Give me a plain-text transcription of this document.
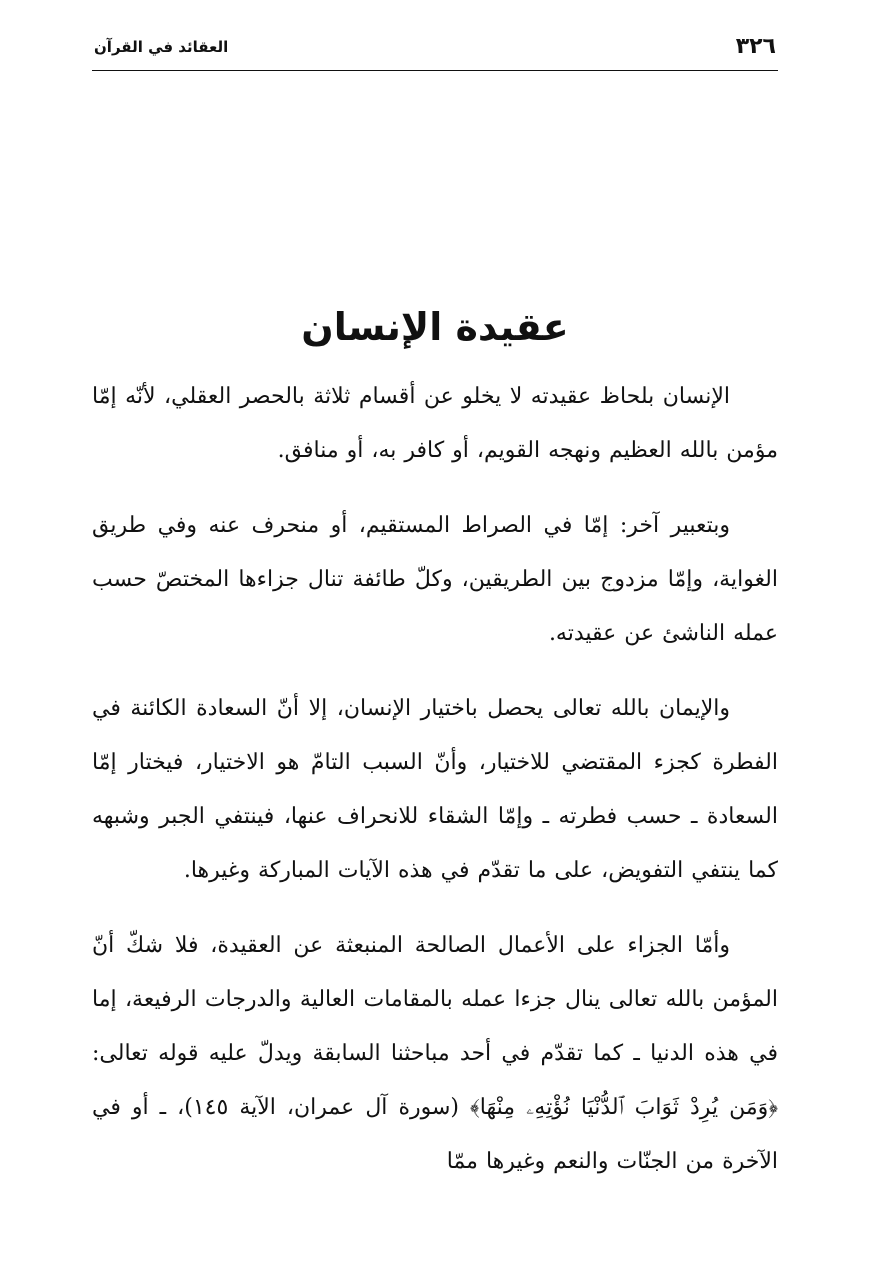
٣٢٦
العقائد في القرآن
عقيدة الإنسان

الإنسان بلحاظ عقيدته لا يخلو عن أقسام ثلاثة بالحصر العقلي، لأنّه إمّا مؤمن بالله العظيم ونهجه القويم، أو كافر به، أو منافق.

وبتعبير آخر: إمّا في الصراط المستقيم، أو منحرف عنه وفي طريق الغواية، وإمّا مزدوج بين الطريقين، وكلّ طائفة تنال جزاءها المختصّ حسب عمله الناشئ عن عقيدته.

والإيمان بالله تعالى يحصل باختيار الإنسان، إلا أنّ السعادة الكائنة في الفطرة كجزء المقتضي للاختيار، وأنّ السبب التامّ هو الاختيار، فيختار إمّا السعادة ـ حسب فطرته ـ وإمّا الشقاء للانحراف عنها، فينتفي الجبر وشبهه كما ينتفي التفويض، على ما تقدّم في هذه الآيات المباركة وغيرها.

وأمّا الجزاء على الأعمال الصالحة المنبعثة عن العقيدة، فلا شكّ أنّ المؤمن بالله تعالى ينال جزءا عمله بالمقامات العالية والدرجات الرفيعة، إما في هذه الدنيا ـ كما تقدّم في أحد مباحثنا السابقة ويدلّ عليه قوله تعالى: ﴿وَمَن يُرِدْ ثَوَابَ ٱلدُّنْيَا نُؤْتِهِۦ مِنْهَا﴾ (سورة آل عمران، الآية ١٤٥)، ـ أو في الآخرة من الجنّات والنعم وغيرها ممّا
